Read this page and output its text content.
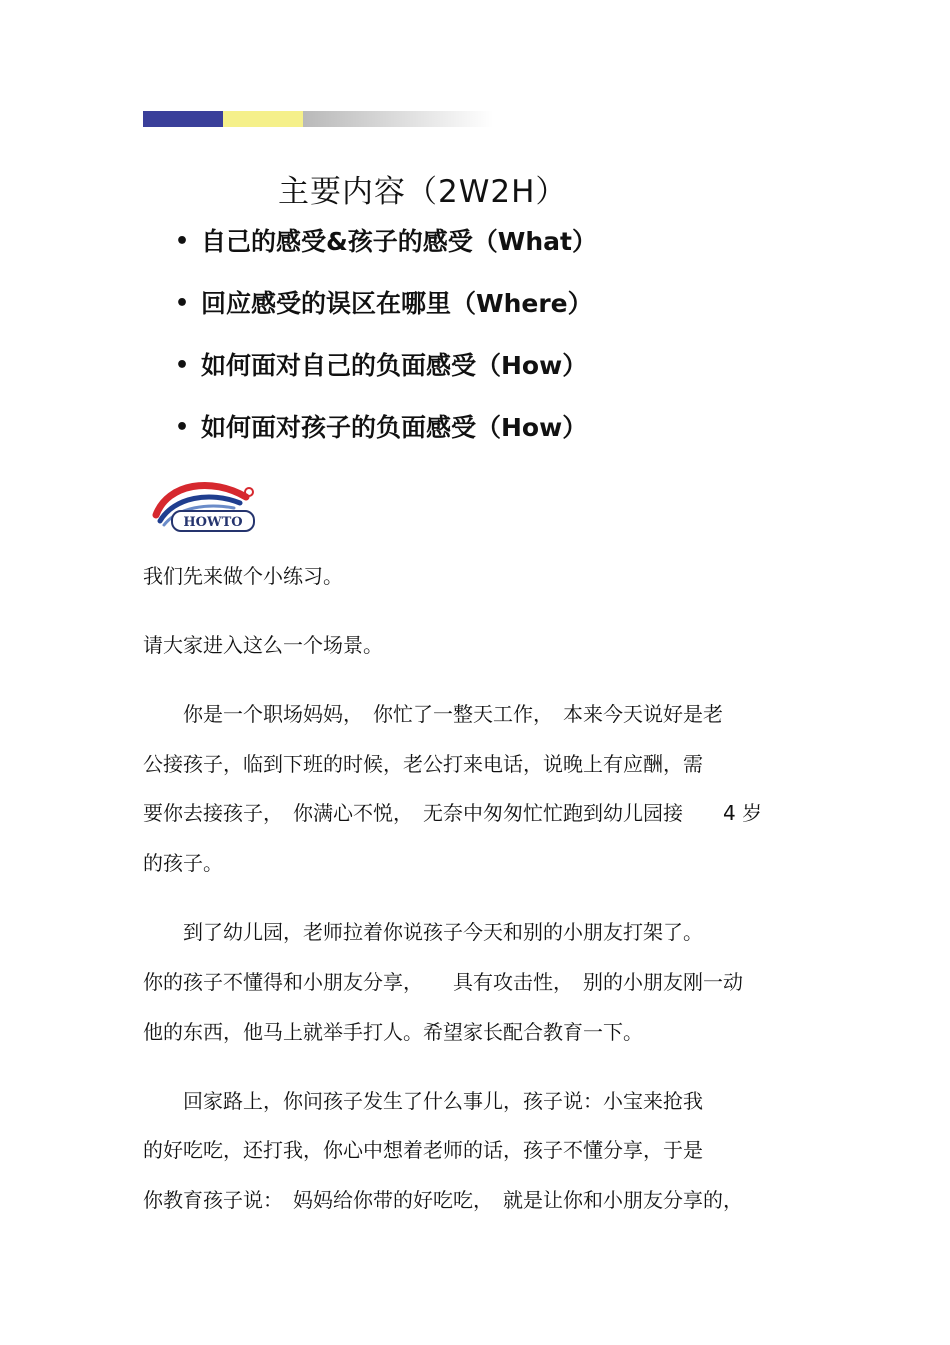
主要内容（2W2H）
• 自己的感受&孩子的感受（What）
• 回应感受的误区在哪里（Where）
• 如何面对自己的负面感受（How）
• 如何面对孩子的负面感受（How）
HOWTO
我们先来做个小练习。
请大家进入这么一个场景。
　　你是一个职场妈妈，　你忙了一整天工作，　本来今天说好是老
公接孩子，临到下班的时候，老公打来电话，说晚上有应酬，需
要你去接孩子，　你满心不悦，　无奈中匆匆忙忙跑到幼儿园接　　4 岁
的孩子。
　　到了幼儿园，老师拉着你说孩子今天和别的小朋友打架了。
你的孩子不懂得和小朋友分享，　　具有攻击性，　别的小朋友刚一动
他的东西，他马上就举手打人。希望家长配合教育一下。
　　回家路上，你问孩子发生了什么事儿，孩子说：小宝来抢我
的好吃吃，还打我，你心中想着老师的话，孩子不懂分享，于是
你教育孩子说：　妈妈给你带的好吃吃，　就是让你和小朋友分享的，
